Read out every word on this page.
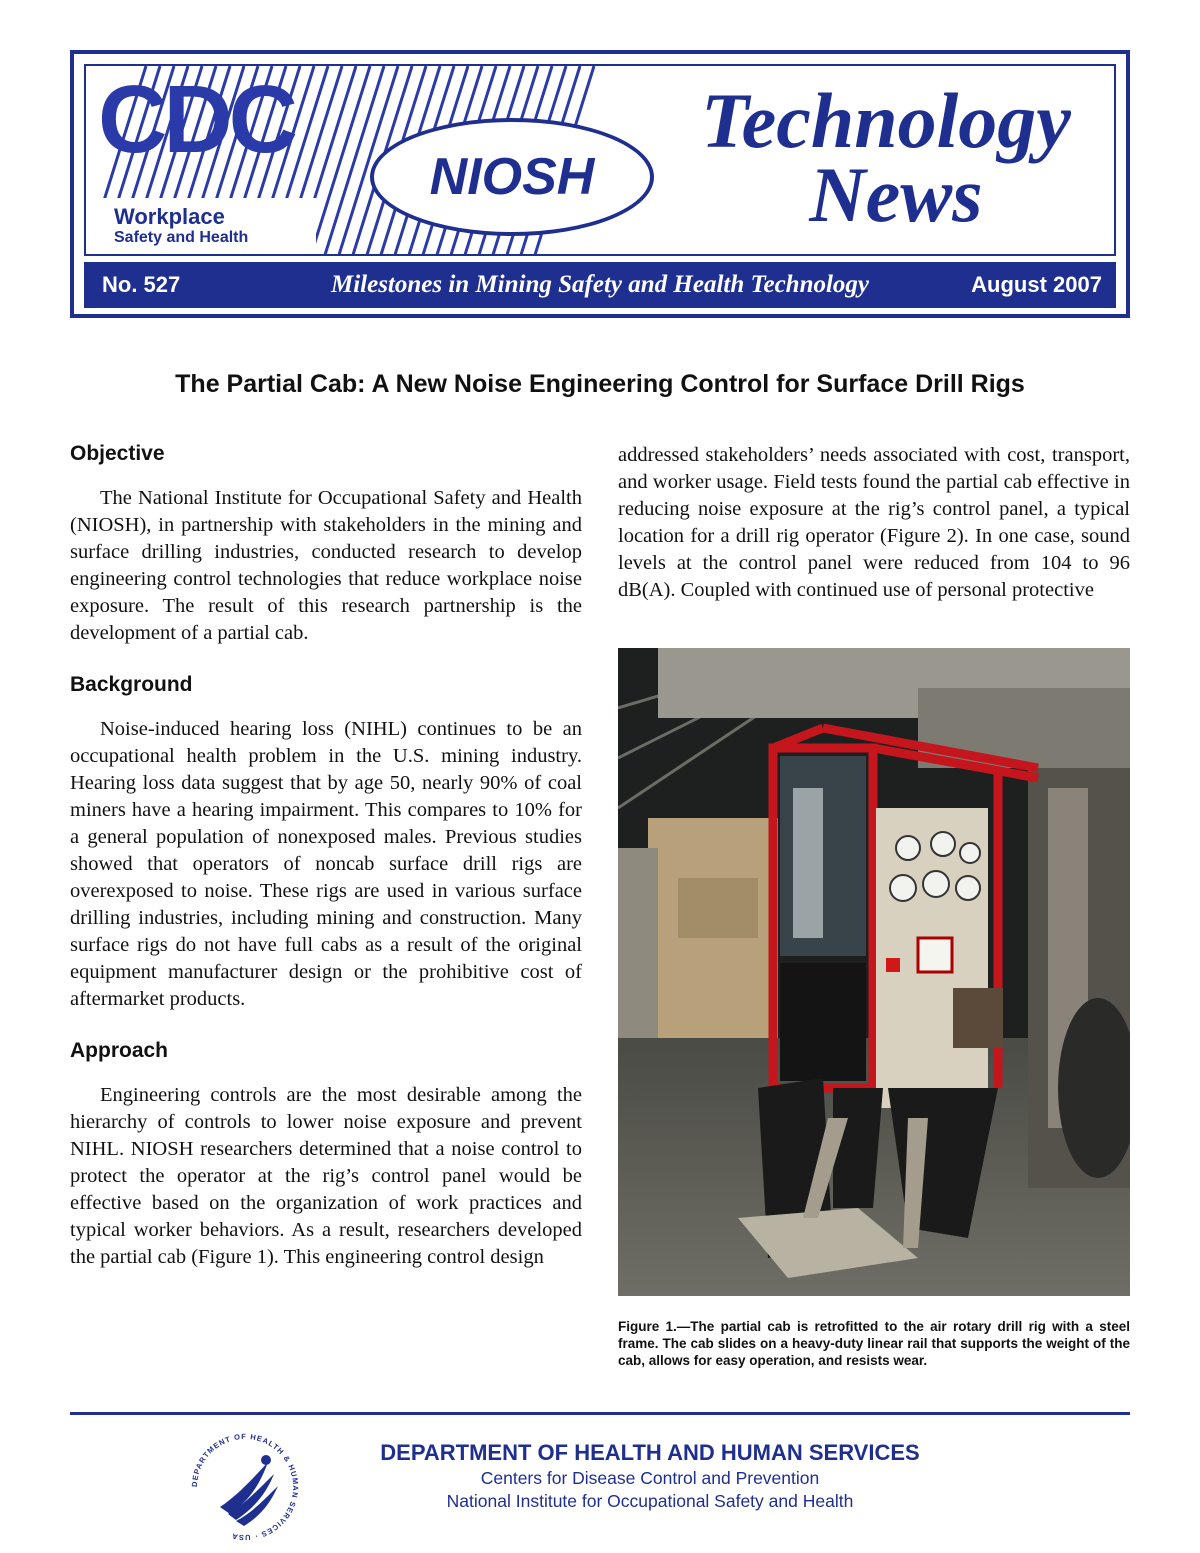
CDC
NIOSH
Workplace
Safety and Health
Technology
News
No. 527	Milestones in Mining Safety and Health Technology	August 2007
The Partial Cab: A New Noise Engineering Control for Surface Drill Rigs
Objective

The National Institute for Occupational Safety and Health (NIOSH), in partnership with stakeholders in the mining and surface drilling industries, conducted research to develop engineering control technologies that reduce workplace noise exposure. The result of this research partnership is the development of a partial cab.

Background

Noise-induced hearing loss (NIHL) continues to be an occupational health problem in the U.S. mining industry. Hearing loss data suggest that by age 50, nearly 90% of coal miners have a hearing impairment. This compares to 10% for a general population of nonexposed males. Previous studies showed that operators of noncab surface drill rigs are overexposed to noise. These rigs are used in various surface drilling industries, including mining and construction. Many surface rigs do not have full cabs as a result of the original equipment manufacturer design or the prohibitive cost of aftermarket products.

Approach

Engineering controls are the most desirable among the hierarchy of controls to lower noise exposure and prevent NIHL. NIOSH researchers determined that a noise control to protect the operator at the rig’s control panel would be effective based on the organization of work practices and typical worker behaviors. As a result, researchers developed the partial cab (Figure 1). This engineering control design

addressed stakeholders’ needs associated with cost, transport, and worker usage. Field tests found the partial cab effective in reducing noise exposure at the rig’s control panel, a typical location for a drill rig operator (Figure 2). In one case, sound levels at the control panel were reduced from 104 to 96 dB(A). Coupled with continued use of personal protective

Figure 1.—The partial cab is retrofitted to the air rotary drill rig with a steel frame. The cab slides on a heavy-duty linear rail that supports the weight of the cab, allows for easy operation, and resists wear.
DEPARTMENT OF HEALTH & HUMAN SERVICES · USA
DEPARTMENT OF HEALTH AND HUMAN SERVICES
Centers for Disease Control and Prevention
National Institute for Occupational Safety and Health
